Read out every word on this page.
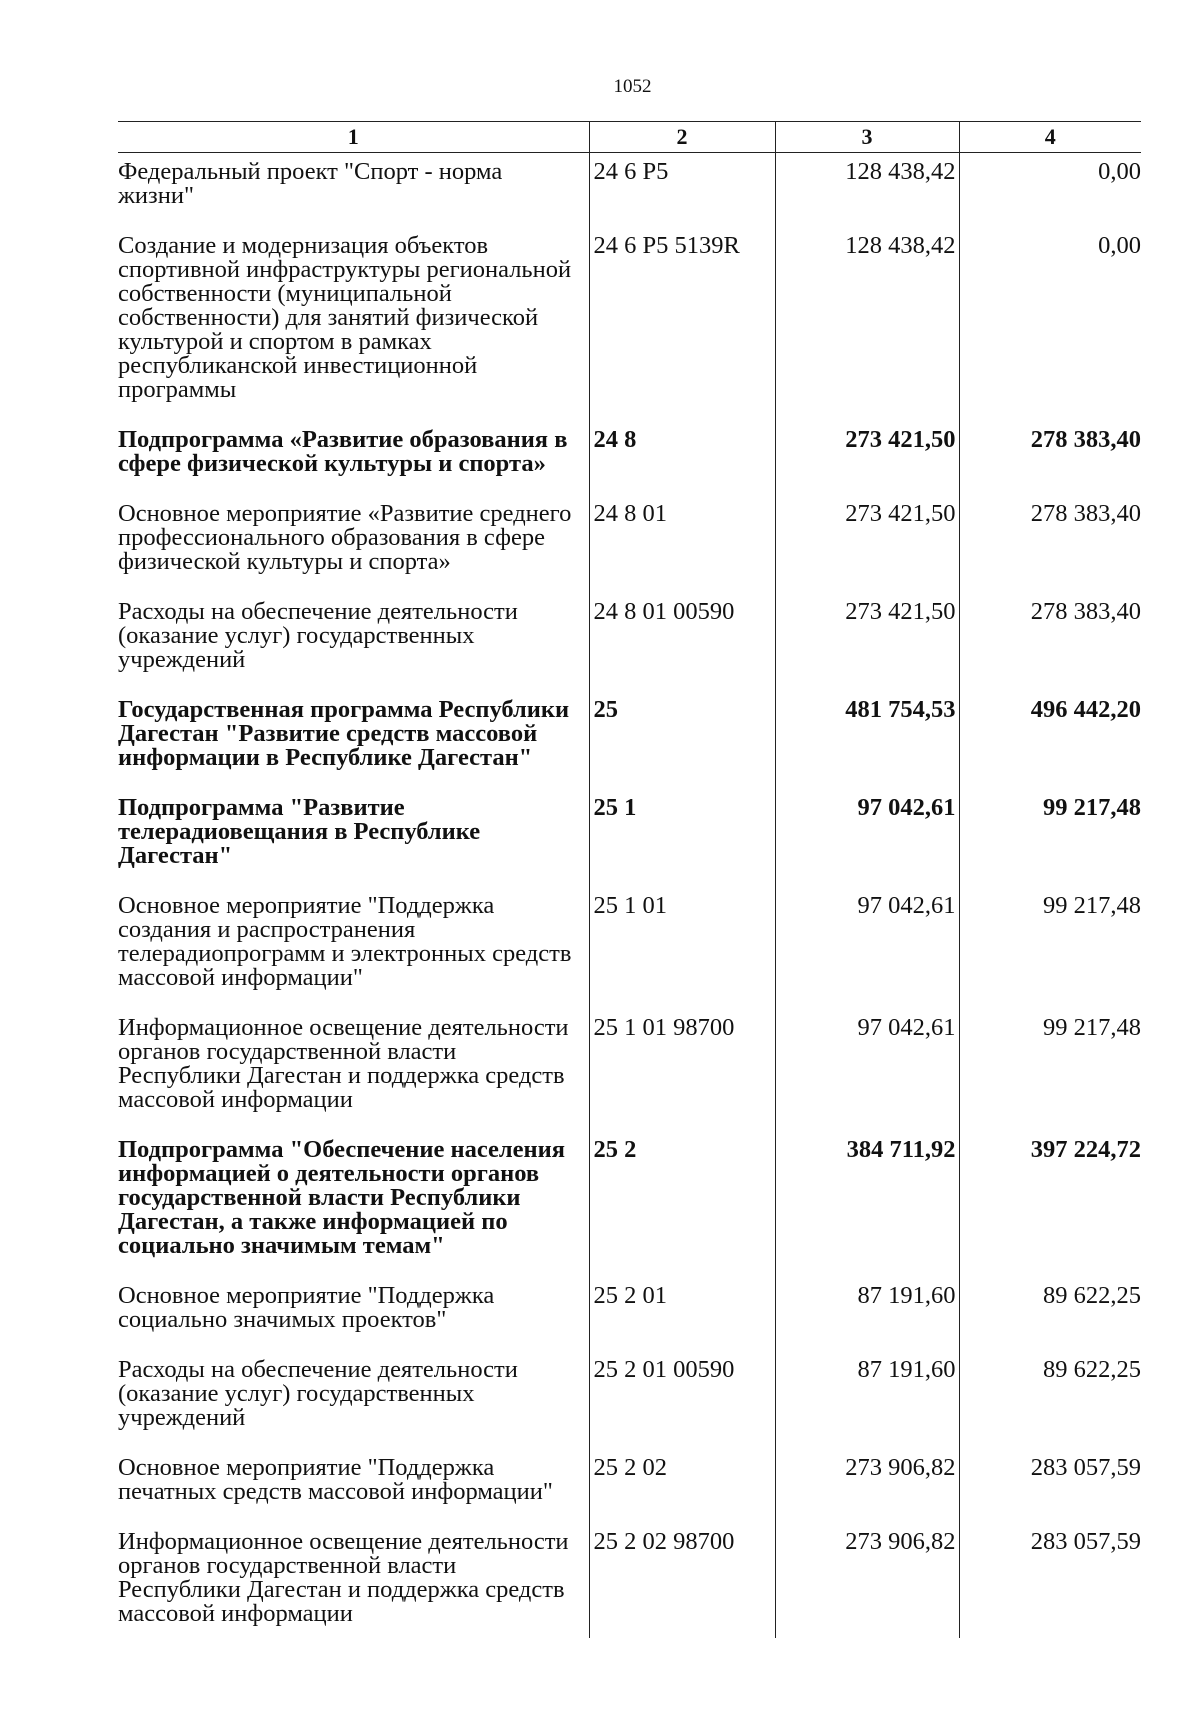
1052
1	2	3	4
Федеральный проект "Спорт - норма жизни"	24 6 P5	128 438,42	0,00
Создание и модернизация объектов спортивной инфраструктуры региональной собственности (муниципальной собственности) для занятий физической культурой и спортом в рамках республиканской инвестиционной программы	24 6 P5 5139R	128 438,42	0,00
Подпрограмма «Развитие образования в сфере физической культуры и спорта»	24 8	273 421,50	278 383,40
Основное мероприятие «Развитие среднего профессионального образования в сфере физической культуры и спорта»	24 8 01	273 421,50	278 383,40
Расходы на обеспечение деятельности (оказание услуг) государственных учреждений	24 8 01 00590	273 421,50	278 383,40
Государственная программа Республики Дагестан "Развитие средств массовой информации в Республике Дагестан"	25	481 754,53	496 442,20
Подпрограмма "Развитие телерадиовещания в Республике Дагестан"	25 1	97 042,61	99 217,48
Основное мероприятие "Поддержка создания и распространения телерадиопрограмм и электронных средств массовой информации"	25 1 01	97 042,61	99 217,48
Информационное освещение деятельности органов государственной власти Республики Дагестан и поддержка средств массовой информации	25 1 01 98700	97 042,61	99 217,48
Подпрограмма "Обеспечение населения информацией о деятельности органов государственной власти Республики Дагестан, а также информацией по социально значимым темам"	25 2	384 711,92	397 224,72
Основное мероприятие "Поддержка социально значимых проектов"	25 2 01	87 191,60	89 622,25
Расходы на обеспечение деятельности (оказание услуг) государственных учреждений	25 2 01 00590	87 191,60	89 622,25
Основное мероприятие "Поддержка печатных средств массовой информации"	25 2 02	273 906,82	283 057,59
Информационное освещение деятельности органов государственной власти Республики Дагестан и поддержка средств массовой информации	25 2 02 98700	273 906,82	283 057,59
